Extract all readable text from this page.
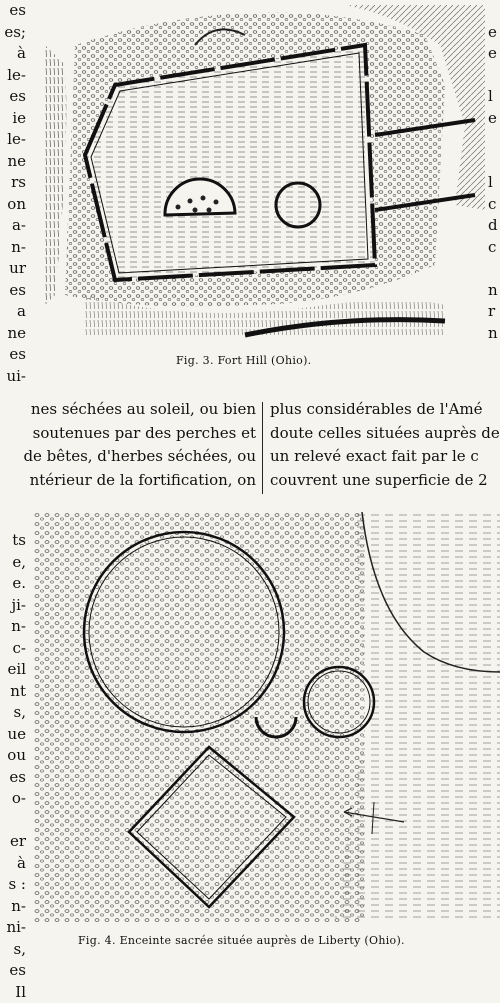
es
es;
à
le-
es
ie
le-
ne
rs
on
a-
n-
ur
es
a
ne
es
ui-
ts
e,
e.
ji-
n-
c-
eil
nt
s,
ue
ou
es
o-
er
à
s :
n-
ni-
s,
es
Il
e
e
l
e
l
c
d
c
n
r
n
Fig. 3. Fort Hill (Ohio).
nes séchées au soleil, ou bien
soutenues par des perches et
de bêtes, d'herbes séchées, ou
ntérieur de la fortification, on
plus considérables de l'Amé
doute celles situées auprès de
un relevé exact fait par le c
couvrent une superficie de 2
Fig. 4. Enceinte sacrée située auprès de Liberty (Ohio).
